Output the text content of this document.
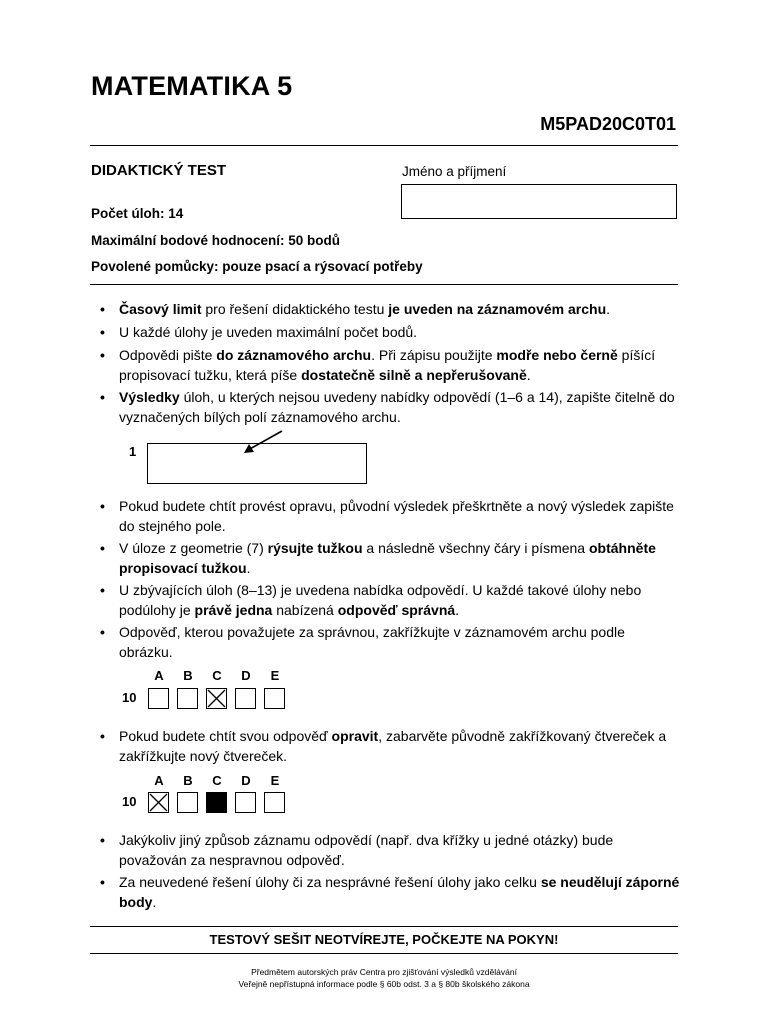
MATEMATIKA 5
M5PAD20C0T01
DIDAKTICKÝ TEST	Jméno a příjmení
Počet úloh: 14
Maximální bodové hodnocení: 50 bodů
Povolené pomůcky: pouze psací a rýsovací potřeby
• Časový limit pro řešení didaktického testu je uveden na záznamovém archu.
• U každé úlohy je uveden maximální počet bodů.
• Odpovědi pište do záznamového archu. Při zápisu použijte modře nebo černě píšící propisovací tužku, která píše dostatečně silně a nepřerušovaně.
• Výsledky úloh, u kterých nejsou uvedeny nabídky odpovědí (1–6 a 14), zapište čitelně do vyznačených bílých polí záznamového archu.
1
• Pokud budete chtít provést opravu, původní výsledek přeškrtněte a nový výsledek zapište do stejného pole.
• V úloze z geometrie (7) rýsujte tužkou a následně všechny čáry i písmena obtáhněte propisovací tužkou.
• U zbývajících úloh (8–13) je uvedena nabídka odpovědí. U každé takové úlohy nebo podúlohy je právě jedna nabízená odpověď správná.
• Odpověď, kterou považujete za správnou, zakřížkujte v záznamovém archu podle obrázku.
A	B	C	D	E
10
• Pokud budete chtít svou odpověď opravit, zabarvěte původně zakřížkovaný čtvereček a zakřížkujte nový čtvereček.
A	B	C	D	E
10
• Jakýkoliv jiný způsob záznamu odpovědí (např. dva křížky u jedné otázky) bude považován za nespravnou odpověď.
• Za neuvedené řešení úlohy či za nesprávné řešení úlohy jako celku se neudělují záporné body.
TESTOVÝ SEŠIT NEOTVÍREJTE, POČKEJTE NA POKYN!
Předmětem autorských práv Centra pro zjišťování výsledků vzdělávání
Veřejně nepřístupná informace podle § 60b odst. 3 a § 80b školského zákona
